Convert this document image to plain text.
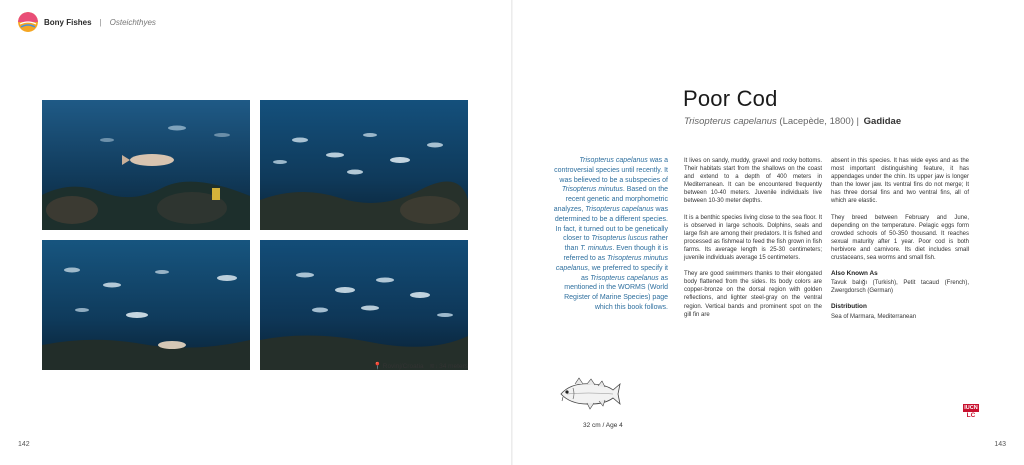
Bony Fishes | Osteichthyes
📍Rovinj/Croatia ≋↓34 meters
142	143
Poor Cod
Trisopterus capelanus (Lacepède, 1800) | Gadidae
Trisopterus capelanus was a controversial species until recently. It was believed to be a subspecies of Trisopterus minutus. Based on the recent genetic and morphometric analyzes, Trisopterus capelanus was determined to be a different species. In fact, it turned out to be genetically closer to Trisopterus luscus rather than T. minutus. Even though it is referred to as Trisopterus minutus capelanus, we preferred to specify it as Trisopterus capelanus as mentioned in the WORMS (World Register of Marine Species) page which this book follows.

It lives on sandy, muddy, gravel and rocky bottoms. Their habitats start from the shallows on the coast and extend to a depth of 400 meters in Mediterranean. It can be encountered frequently between 10-40 meters. Juvenile individuals live between 10-30 meter depths.

It is a benthic species living close to the sea floor. It is observed in large schools. Dolphins, seals and large fish are among their predators. It is fished and processed as fishmeal to feed the fish grown in fish farms. Its average length is 25-30 centimeters; juvenile individuals average 15 centimeters.

They are good swimmers thanks to their elongated body flattened from the sides. Its body colors are copper-bronze on the dorsal region with golden reflections, and lighter steel-gray on the ventral region. Vertical bands and prominent spot on the gill fin are

absent in this species. It has wide eyes and as the most important distinguishing feature, it has appendages under the chin. Its upper jaw is longer than the lower jaw. Its ventral fins do not merge; It has three dorsal fins and two ventral fins, all of which are elastic.

They breed between February and June, depending on the temperature. Pelagic eggs form crowded schools of 50-350 thousand. It reaches sexual maturity after 1 year. Poor cod is both herbivore and carnivore. Its diet includes small crustaceans, sea worms and small fish.

Also Known As

Tavuk balığı (Turkish), Petit tacaud (French), Zwergdorsch (German)

Distribution

Sea of Marmara, Mediterranean

32 cm / Age 4
IUCN
LC
